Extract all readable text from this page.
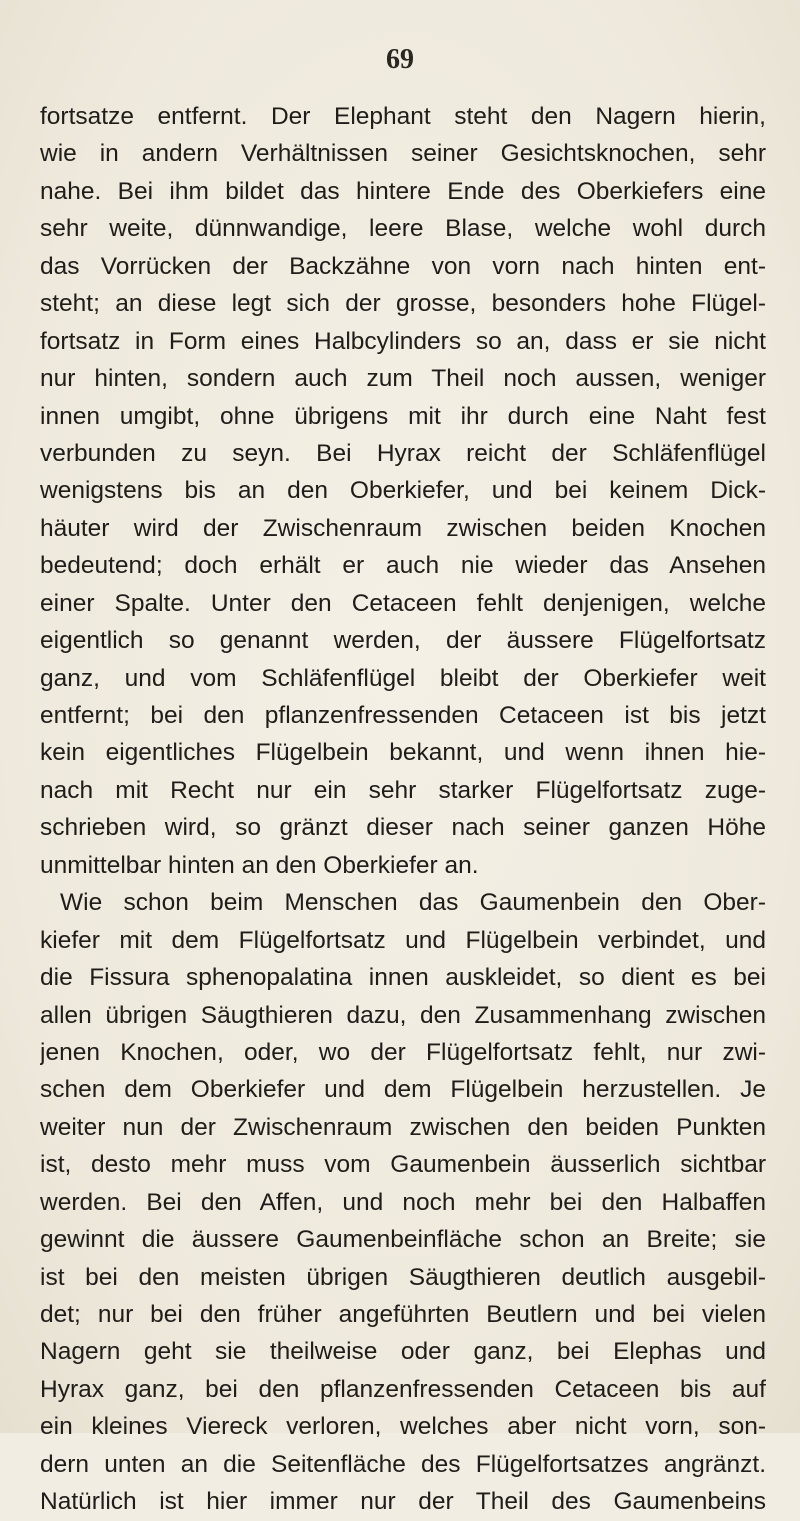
69
fortsatze entfernt. Der Elephant steht den Nagern hierin,
wie in andern Verhältnissen seiner Gesichtsknochen, sehr
nahe. Bei ihm bildet das hintere Ende des Oberkiefers eine
sehr weite, dünnwandige, leere Blase, welche wohl durch
das Vorrücken der Backzähne von vorn nach hinten ent-
steht; an diese legt sich der grosse, besonders hohe Flügel-
fortsatz in Form eines Halbcylinders so an, dass er sie nicht
nur hinten, sondern auch zum Theil noch aussen, weniger
innen umgibt, ohne übrigens mit ihr durch eine Naht fest
verbunden zu seyn. Bei Hyrax reicht der Schläfenflügel
wenigstens bis an den Oberkiefer, und bei keinem Dick-
häuter wird der Zwischenraum zwischen beiden Knochen
bedeutend; doch erhält er auch nie wieder das Ansehen
einer Spalte. Unter den Cetaceen fehlt denjenigen, welche
eigentlich so genannt werden, der äussere Flügelfortsatz
ganz, und vom Schläfenflügel bleibt der Oberkiefer weit
entfernt; bei den pflanzenfressenden Cetaceen ist bis jetzt
kein eigentliches Flügelbein bekannt, und wenn ihnen hie-
nach mit Recht nur ein sehr starker Flügelfortsatz zuge-
schrieben wird, so gränzt dieser nach seiner ganzen Höhe
unmittelbar hinten an den Oberkiefer an.
Wie schon beim Menschen das Gaumenbein den Ober-
kiefer mit dem Flügelfortsatz und Flügelbein verbindet, und
die Fissura sphenopalatina innen auskleidet, so dient es bei
allen übrigen Säugthieren dazu, den Zusammenhang zwischen
jenen Knochen, oder, wo der Flügelfortsatz fehlt, nur zwi-
schen dem Oberkiefer und dem Flügelbein herzustellen. Je
weiter nun der Zwischenraum zwischen den beiden Punkten
ist, desto mehr muss vom Gaumenbein äusserlich sichtbar
werden. Bei den Affen, und noch mehr bei den Halbaffen
gewinnt die äussere Gaumenbeinfläche schon an Breite; sie
ist bei den meisten übrigen Säugthieren deutlich ausgebil-
det; nur bei den früher angeführten Beutlern und bei vielen
Nagern geht sie theilweise oder ganz, bei Elephas und
Hyrax ganz, bei den pflanzenfressenden Cetaceen bis auf
ein kleines Viereck verloren, welches aber nicht vorn, son-
dern unten an die Seitenfläche des Flügelfortsatzes angränzt.
Natürlich ist hier immer nur der Theil des Gaumenbeins
